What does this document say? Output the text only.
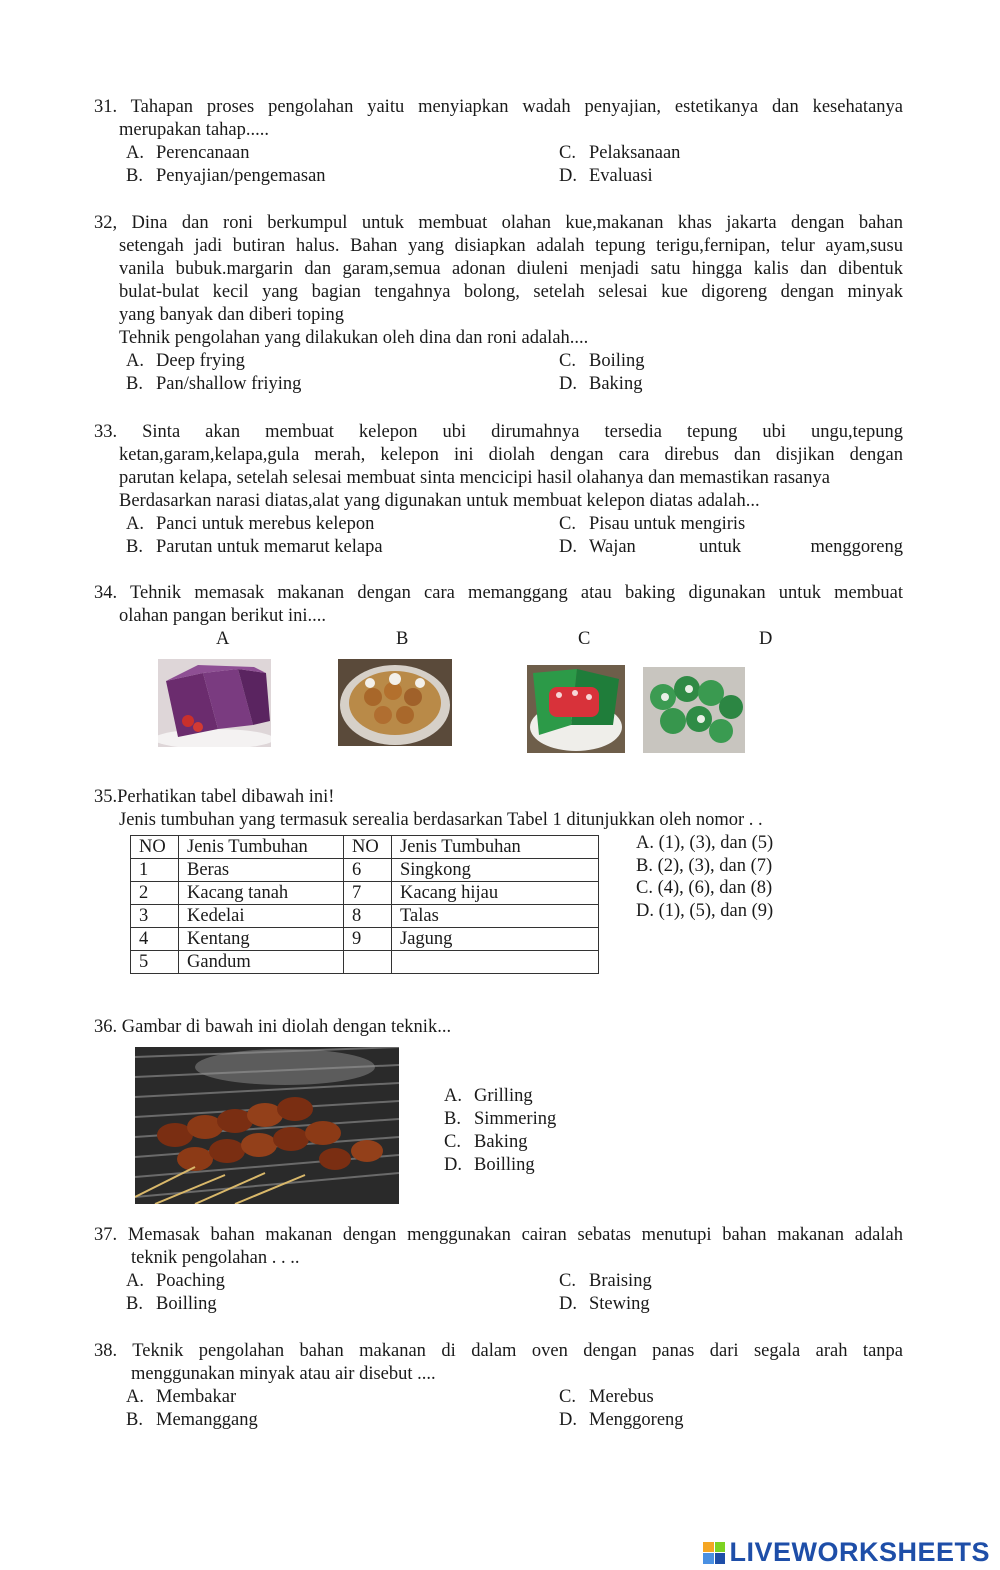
31. Tahapan proses pengolahan yaitu menyiapkan wadah penyajian, estetikanya dan kesehatanya
merupakan tahap.....
A. Perencanaan
B. Penyajian/pengemasan
C. Pelaksanaan
D. Evaluasi
32, Dina dan roni berkumpul untuk membuat olahan kue,makanan khas jakarta dengan bahan
setengah jadi butiran halus. Bahan yang disiapkan adalah tepung terigu,fernipan, telur ayam,susu
vanila bubuk.margarin dan garam,semua adonan diuleni menjadi satu hingga kalis dan dibentuk
bulat-bulat kecil yang bagian tengahnya bolong, setelah selesai kue digoreng dengan minyak
yang banyak dan diberi toping
Tehnik pengolahan yang dilakukan oleh dina dan roni adalah....
A. Deep frying
B. Pan/shallow friying
C. Boiling
D. Baking
33. Sinta akan membuat kelepon ubi dirumahnya tersedia tepung ubi ungu,tepung
ketan,garam,kelapa,gula merah, kelepon ini diolah dengan cara direbus dan disjikan dengan
parutan kelapa, setelah selesai membuat sinta mencicipi hasil olahanya dan memastikan rasanya
Berdasarkan narasi diatas,alat yang digunakan untuk membuat kelepon diatas adalah...
A. Panci untuk merebus kelepon
B. Parutan untuk memarut kelapa
C. Pisau untuk mengiris
D. Wajan	untuk	menggoreng
34. Tehnik memasak makanan dengan cara memanggang atau baking digunakan untuk membuat
olahan pangan berikut ini....
A	B	C	D
35.Perhatikan tabel dibawah ini!
Jenis tumbuhan yang termasuk serealia berdasarkan Tabel 1 ditunjukkan oleh nomor . .
NO	Jenis Tumbuhan	NO	Jenis Tumbuhan
1	Beras	6	Singkong
2	Kacang tanah	7	Kacang hijau
3	Kedelai	8	Talas
4	Kentang	9	Jagung
5	Gandum		
A. (1), (3), dan (5)
B. (2), (3), dan (7)
C. (4), (6), dan (8)
D. (1), (5), dan (9)
36. Gambar di bawah ini diolah dengan teknik...
A. Grilling
B. Simmering
C. Baking
D. Boilling
37. Memasak bahan makanan dengan menggunakan cairan sebatas menutupi bahan makanan adalah
teknik pengolahan . . ..
A. Poaching
B. Boilling
C. Braising
D. Stewing
38. Teknik pengolahan bahan makanan di dalam oven dengan panas dari segala arah tanpa
menggunakan minyak atau air disebut ....
A. Membakar
B. Memanggang
C. Merebus
D. Menggoreng
LIVEWORKSHEETS
